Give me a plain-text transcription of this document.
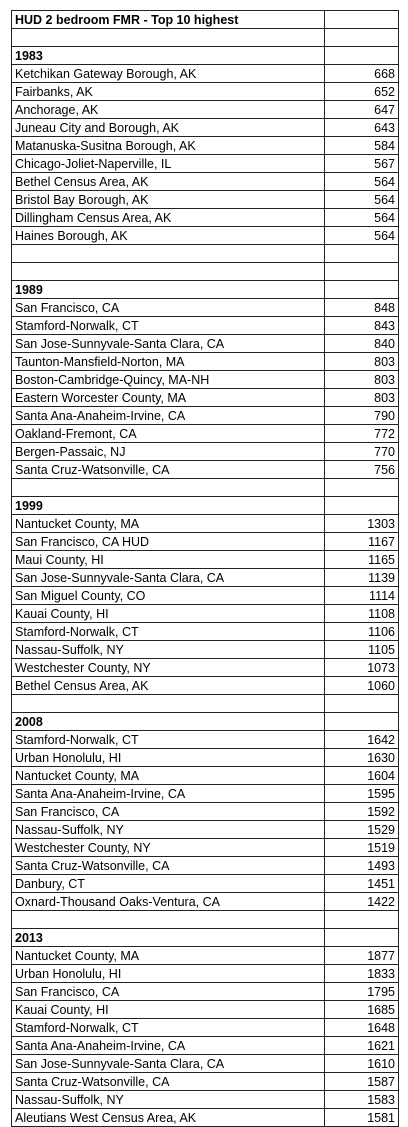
HUD 2 bedroom FMR - Top 10 highest	

1983	
Ketchikan Gateway Borough, AK	668
Fairbanks, AK	652
Anchorage, AK	647
Juneau City and Borough, AK	643
Matanuska-Susitna Borough, AK	584
Chicago-Joliet-Naperville, IL	567
Bethel Census Area, AK	564
Bristol Bay Borough, AK	564
Dillingham Census Area, AK	564
Haines Borough, AK	564

1989	
San Francisco, CA	848
Stamford-Norwalk, CT	843
San Jose-Sunnyvale-Santa Clara, CA	840
Taunton-Mansfield-Norton, MA	803
Boston-Cambridge-Quincy, MA-NH	803
Eastern Worcester County, MA	803
Santa Ana-Anaheim-Irvine, CA	790
Oakland-Fremont, CA	772
Bergen-Passaic, NJ	770
Santa Cruz-Watsonville, CA	756

1999	
Nantucket County, MA	1303
San Francisco, CA HUD	1167
Maui County, HI	1165
San Jose-Sunnyvale-Santa Clara, CA	1139
San Miguel County, CO	1114
Kauai County, HI	1108
Stamford-Norwalk, CT	1106
Nassau-Suffolk, NY	1105
Westchester County, NY	1073
Bethel Census Area, AK	1060

2008	
Stamford-Norwalk, CT	1642
Urban Honolulu, HI	1630
Nantucket County, MA	1604
Santa Ana-Anaheim-Irvine, CA	1595
San Francisco, CA	1592
Nassau-Suffolk, NY	1529
Westchester County, NY	1519
Santa Cruz-Watsonville, CA	1493
Danbury, CT	1451
Oxnard-Thousand Oaks-Ventura, CA	1422

2013	
Nantucket County, MA	1877
Urban Honolulu, HI	1833
San Francisco, CA	1795
Kauai County, HI	1685
Stamford-Norwalk, CT	1648
Santa Ana-Anaheim-Irvine, CA	1621
San Jose-Sunnyvale-Santa Clara, CA	1610
Santa Cruz-Watsonville, CA	1587
Nassau-Suffolk, NY	1583
Aleutians West Census Area, AK	1581
